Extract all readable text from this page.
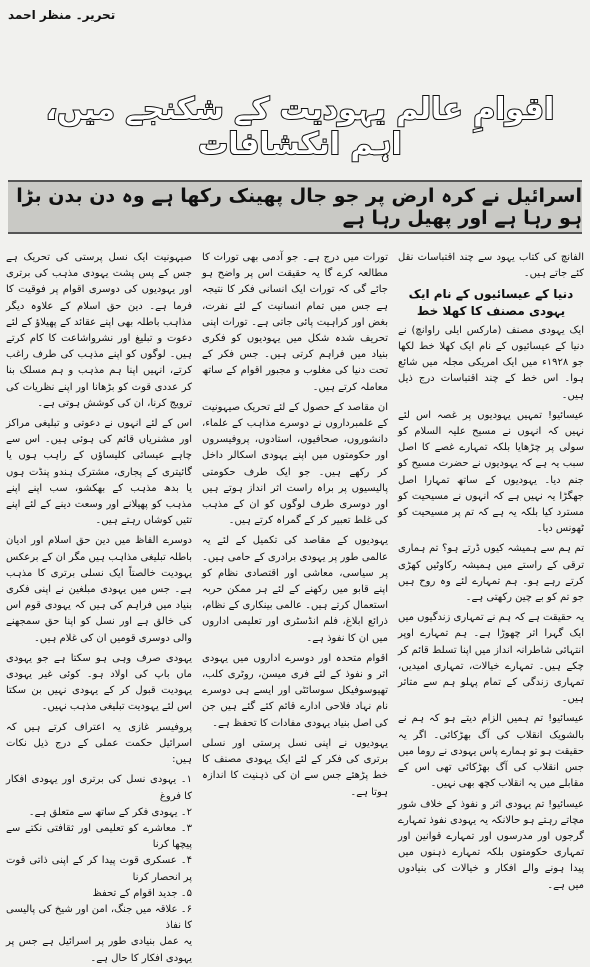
تحریر۔ منظر احمد
اقوامِ عالم یہودیت کے شکنجے میں، اہم انکشافات
اسرائیل نے کرہ ارض پر جو جال پھینک رکھا ہے وہ دن بدن بڑا ہو رہا ہے اور پھیل رہا ہے

صیہونیت ایک نسل پرستی کی تحریک ہے جس کے پس پشت یہودی مذہب کی برتری اور یہودیوں کی دوسری اقوام پر فوقیت کا فرما ہے۔ دین حق اسلام کے علاوہ دیگر مذاہب باطلہ بھی اپنے عقائد کے پھیلاؤ کے لئے دعوت و تبلیغ اور نشرواشاعت کا کام کرتے ہیں۔ لوگوں کو اپنے مذہب کی طرف راغب کرتے، انہیں اپنا ہم مذہب و ہم مسلک بنا کر عددی قوت کو بڑھانا اور اپنے نظریات کی ترویج کرنا، ان کی کوشش ہوتی ہے۔

اس کے لئے انہوں نے دعوتی و تبلیغی مراکز اور مشنریاں قائم کی ہوئی ہیں۔ اس سے چاہے عیسائی کلیساؤں کے راہب ہوں یا گائیتری کے پجاری، مشترک ہندو پنڈت ہوں یا بدھ مذہب کے بھکشو، سب اپنے اپنے مذہب کو پھیلانے اور وسعت دینے کے لئے اپنے تئیں کوشاں رہتے ہیں۔

دوسرے الفاظ میں دین حق اسلام اور ادیان باطلہ تبلیغی مذاہب ہیں مگر ان کے برعکس یہودیت خالصتاً ایک نسلی برتری کا مذہب ہے۔ جس میں یہودی مبلغین نے اپنی فکری بنیاد میں فراہم کی ہیں کہ یہودی قوم اس کی خالق ہے اور نسل کو اپنا حق سمجھنے والی دوسری قومیں ان کی غلام ہیں۔

یہودی صرف وہی ہو سکتا ہے جو یہودی ماں باپ کی اولاد ہو۔ کوئی غیر یہودی یہودیت قبول کر کے یہودی نہیں بن سکتا اس لئے یہودیت تبلیغی مذہب نہیں۔

پروفیسر غازی یہ اعتراف کرتے ہیں کہ اسرائیل حکمت عملی کے درج ذیل نکات ہیں:

۱۔ یہودی نسل کی برتری اور یہودی افکار کا فروغ
۲۔ یہودی فکر کے ساتھ سے متعلق ہے۔
۳۔ معاشرے کو تعلیمی اور ثقافتی نکتے سے پیچھا کرنا
۴۔ عسکری قوت پیدا کر کے اپنی ذاتی قوت پر انحصار کرنا
۵۔ جدید اقوام کے تحفظ
۶۔ علاقہ میں جنگ، امن اور شیخ کی پالیسی کا نفاذ

یہ عمل بنیادی طور پر اسرائیل ہے جس پر یہودی افکار کا حال ہے۔

تورات میں درج ہے۔ جو آدمی بھی تورات کا مطالعہ کرے گا یہ حقیقت اس پر واضح ہو جائے گی کہ تورات ایک انسانی فکر کا نتیجہ ہے جس میں تمام انسانیت کے لئے نفرت، بغض اور کراہیت پائی جاتی ہے۔ تورات اپنی تحریف شدہ شکل میں یہودیوں کو فکری بنیاد میں فراہم کرتی ہیں۔ جس فکر کے تحت دنیا کی مغلوب و مجبور اقوام کے ساتھ معاملہ کرتے ہیں۔

ان مقاصد کے حصول کے لئے تحریک صیہونیت کے علمبرداروں نے دوسرے مذاہب کے علماء، دانشوروں، صحافیوں، استادوں، پروفیسروں اور حکومتوں میں اپنے یہودی اسکالر داخل کر رکھے ہیں۔ جو ایک طرف حکومتی پالیسیوں پر براہ راست اثر انداز ہوتے ہیں اور دوسری طرف لوگوں کو ان کے مذہب کی غلط تعبیر کر کے گمراہ کرتے ہیں۔

یہودیوں کے مقاصد کی تکمیل کے لئے یہ عالمی طور پر یہودی برادری کے حامی ہیں۔ پر سیاسی، معاشی اور اقتصادی نظام کو اپنے قابو میں رکھنے کے لئے ہر ممکن حربہ استعمال کرتے ہیں۔ عالمی بینکاری کے نظام، ذرائع ابلاغ، فلم انڈسٹری اور تعلیمی اداروں میں ان کا نفوذ ہے۔

اقوام متحدہ اور دوسرے اداروں میں یہودی اثر و نفوذ کے لئے فری میسن، روٹری کلب، تھیوسوفیکل سوسائٹی اور ایسے ہی دوسرے نام نہاد فلاحی ادارے قائم کئے گئے ہیں جن کی اصل بنیاد یہودی مفادات کا تحفظ ہے۔

یہودیوں نے اپنی نسل پرستی اور نسلی برتری کی فکر کے لئے ایک یہودی مصنف کا خط پڑھئے جس سے ان کی ذہنیت کا اندازہ ہوتا ہے۔

الفانچ کی کتاب یہود سے چند اقتباسات نقل کئے جاتے ہیں۔

دنیا کے عیسائیوں کے نام ایک یہودی مصنف کا کھلا خط

ایک یہودی مصنف (مارکس ایلی راوانچ) نے دنیا کے عیسائیوں کے نام ایک کھلا خط لکھا جو ۱۹۲۸ء میں ایک امریکی مجلہ میں شائع ہوا۔ اس خط کے چند اقتباسات درج ذیل ہیں۔

عیسائیو! تمہیں یہودیوں پر غصہ اس لئے نہیں کہ انہوں نے مسیح علیہ السلام کو سولی پر چڑھایا بلکہ تمہارے غصے کا اصل سبب یہ ہے کہ یہودیوں نے حضرت مسیح کو جنم دیا۔ یہودیوں کے ساتھ تمہارا اصل جھگڑا یہ نہیں ہے کہ انہوں نے مسیحیت کو مسترد کیا بلکہ یہ ہے کہ تم پر مسیحیت کو ٹھونس دیا۔

تم ہم سے ہمیشہ کیوں ڈرتے ہو؟ تم ہماری ترقی کے راستے میں ہمیشہ رکاوٹیں کھڑی کرتے رہے ہو۔ ہم تمہارے لئے وہ روح ہیں جو تم کو بے چین رکھتی ہے۔

یہ حقیقت ہے کہ ہم نے تمہاری زندگیوں میں ایک گہرا اثر چھوڑا ہے۔ ہم تمہارے اوپر انتہائی شاطرانہ انداز میں اپنا تسلط قائم کر چکے ہیں۔ تمہارے خیالات، تمہاری امیدیں، تمہاری زندگی کے تمام پہلو ہم سے متاثر ہیں۔

عیسائیو! تم ہمیں الزام دیتے ہو کہ ہم نے بالشویک انقلاب کی آگ بھڑکائی۔ اگر یہ حقیقت ہو تو ہمارے پاس یہودی نے روما میں جس انقلاب کی آگ بھڑکائی تھی اس کے مقابلے میں یہ انقلاب کچھ بھی نہیں۔

عیسائیو! تم یہودی اثر و نفوذ کے خلاف شور مچاتے رہتے ہو حالانکہ یہ یہودی نفوذ تمہارے گرجوں اور مدرسوں اور تمہارے قوانین اور تمہاری حکومتوں بلکہ تمہارے ذہنوں میں پیدا ہونے والے افکار و خیالات کی بنیادوں میں ہے۔
